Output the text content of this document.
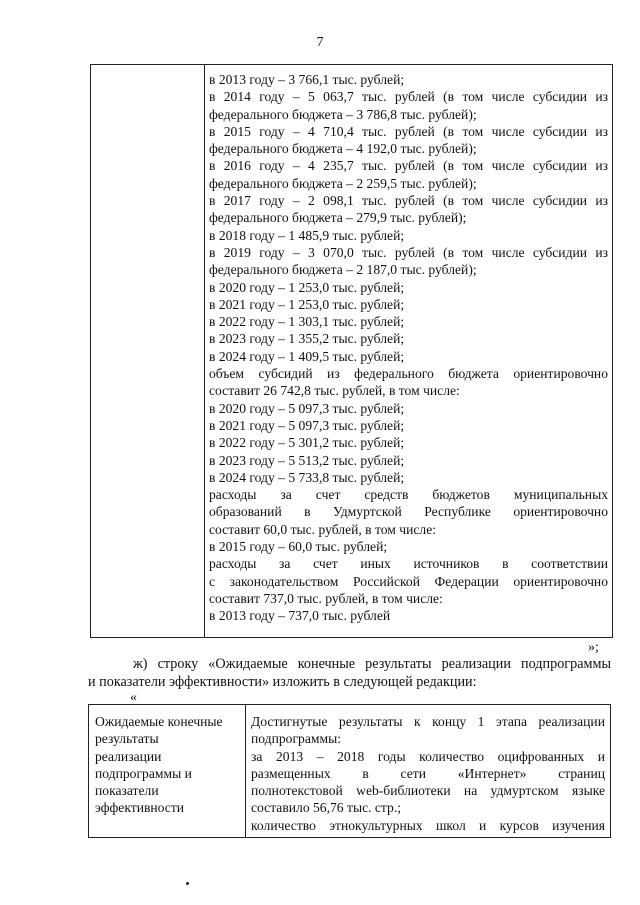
7
в 2013 году – 3 766,1 тыс. рублей;
в 2014 году – 5 063,7 тыс. рублей (в том числе субсидии из
федерального бюджета – 3 786,8 тыс. рублей);
в 2015 году – 4 710,4 тыс. рублей (в том числе субсидии из
федерального бюджета – 4 192,0 тыс. рублей);
в 2016 году – 4 235,7 тыс. рублей (в том числе субсидии из
федерального бюджета – 2 259,5 тыс. рублей);
в 2017 году – 2 098,1 тыс. рублей (в том числе субсидии из
федерального бюджета – 279,9 тыс. рублей);
в 2018 году – 1 485,9 тыс. рублей;
в 2019 году – 3 070,0 тыс. рублей (в том числе субсидии из
федерального бюджета – 2 187,0 тыс. рублей);
в 2020 году – 1 253,0 тыс. рублей;
в 2021 году – 1 253,0 тыс. рублей;
в 2022 году – 1 303,1 тыс. рублей;
в 2023 году – 1 355,2 тыс. рублей;
в 2024 году – 1 409,5 тыс. рублей;
объем субсидий из федерального бюджета ориентировочно
составит 26 742,8 тыс. рублей, в том числе:
в 2020 году – 5 097,3 тыс. рублей;
в 2021 году – 5 097,3 тыс. рублей;
в 2022 году – 5 301,2 тыс. рублей;
в 2023 году – 5 513,2 тыс. рублей;
в 2024 году – 5 733,8 тыс. рублей;
расходы за счет средств бюджетов муниципальных
образований в Удмуртской Республике ориентировочно
составит 60,0 тыс. рублей, в том числе:
в 2015 году – 60,0 тыс. рублей;
расходы за счет иных источников в соответствии
с законодательством Российской Федерации ориентировочно
составит 737,0 тыс. рублей, в том числе:
в 2013 году – 737,0 тыс. рублей
»;
ж) строку «Ожидаемые конечные результаты реализации подпрограммы
и показатели эффективности» изложить в следующей редакции:
«
Ожидаемые конечные
результаты
реализации
подпрограммы и
показатели
эффективности
Достигнутые результаты к концу 1 этапа реализации
подпрограммы:
за 2013 – 2018 годы количество оцифрованных и
размещенных в сети «Интернет» страниц
полнотекстовой web-библиотеки на удмуртском языке
составило 56,76 тыс. стр.;
количество этнокультурных школ и курсов изучения
